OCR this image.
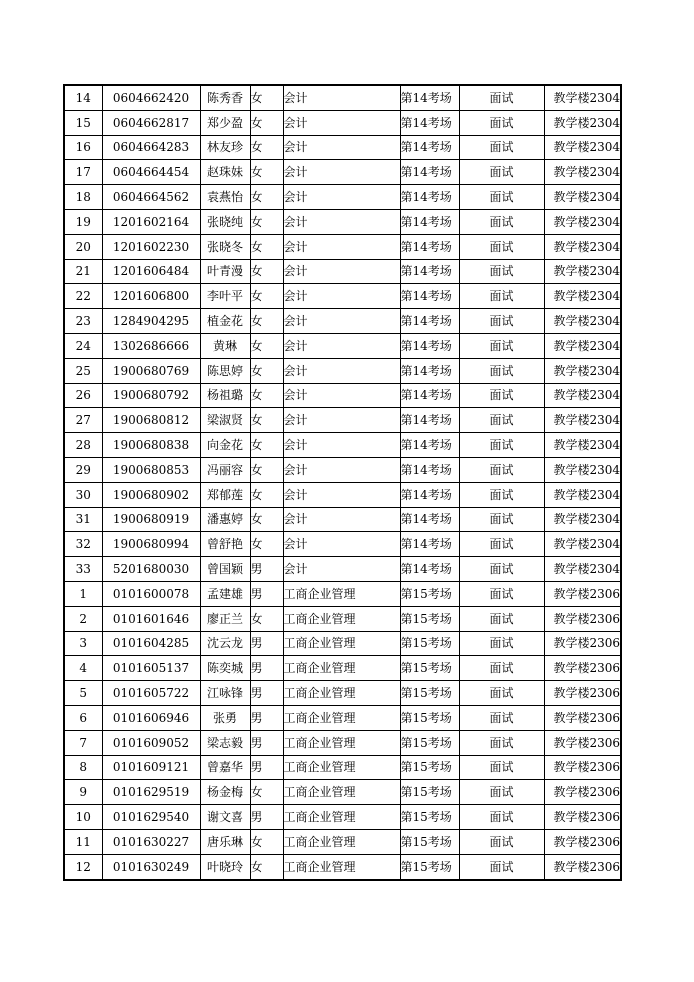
14	0604662420	陈秀香	女	会计	第14考场	面试	教学楼2304
15	0604662817	郑少盈	女	会计	第14考场	面试	教学楼2304
16	0604664283	林友珍	女	会计	第14考场	面试	教学楼2304
17	0604664454	赵珠妹	女	会计	第14考场	面试	教学楼2304
18	0604664562	袁燕怡	女	会计	第14考场	面试	教学楼2304
19	1201602164	张晓纯	女	会计	第14考场	面试	教学楼2304
20	1201602230	张晓冬	女	会计	第14考场	面试	教学楼2304
21	1201606484	叶青漫	女	会计	第14考场	面试	教学楼2304
22	1201606800	李叶平	女	会计	第14考场	面试	教学楼2304
23	1284904295	植金花	女	会计	第14考场	面试	教学楼2304
24	1302686666	黄琳	女	会计	第14考场	面试	教学楼2304
25	1900680769	陈思婷	女	会计	第14考场	面试	教学楼2304
26	1900680792	杨祖璐	女	会计	第14考场	面试	教学楼2304
27	1900680812	梁淑贤	女	会计	第14考场	面试	教学楼2304
28	1900680838	向金花	女	会计	第14考场	面试	教学楼2304
29	1900680853	冯丽容	女	会计	第14考场	面试	教学楼2304
30	1900680902	郑郁莲	女	会计	第14考场	面试	教学楼2304
31	1900680919	潘惠婷	女	会计	第14考场	面试	教学楼2304
32	1900680994	曾舒艳	女	会计	第14考场	面试	教学楼2304
33	5201680030	曾国颖	男	会计	第14考场	面试	教学楼2304
1	0101600078	孟建雄	男	工商企业管理	第15考场	面试	教学楼2306
2	0101601646	廖正兰	女	工商企业管理	第15考场	面试	教学楼2306
3	0101604285	沈云龙	男	工商企业管理	第15考场	面试	教学楼2306
4	0101605137	陈奕城	男	工商企业管理	第15考场	面试	教学楼2306
5	0101605722	江咏锋	男	工商企业管理	第15考场	面试	教学楼2306
6	0101606946	张勇	男	工商企业管理	第15考场	面试	教学楼2306
7	0101609052	梁志毅	男	工商企业管理	第15考场	面试	教学楼2306
8	0101609121	曾嘉华	男	工商企业管理	第15考场	面试	教学楼2306
9	0101629519	杨金梅	女	工商企业管理	第15考场	面试	教学楼2306
10	0101629540	谢文喜	男	工商企业管理	第15考场	面试	教学楼2306
11	0101630227	唐乐琳	女	工商企业管理	第15考场	面试	教学楼2306
12	0101630249	叶晓玲	女	工商企业管理	第15考场	面试	教学楼2306
